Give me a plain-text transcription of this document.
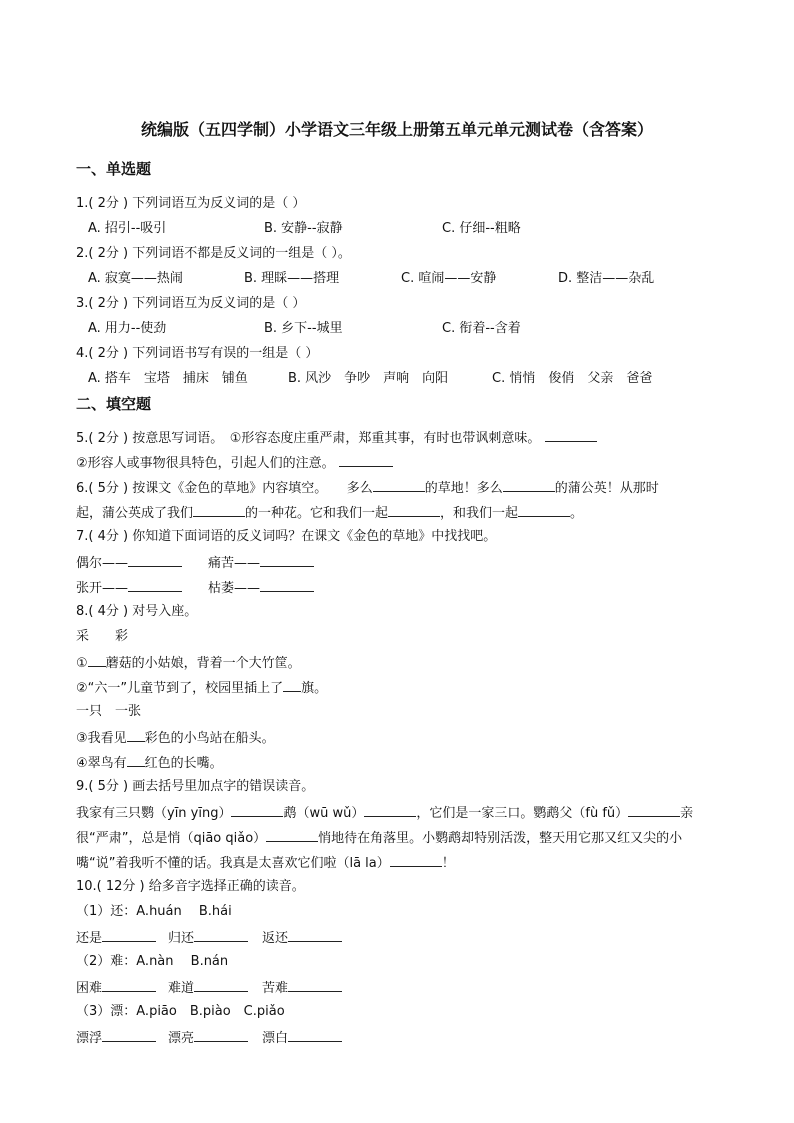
统编版（五四学制）小学语文三年级上册第五单元单元测试卷（含答案）
一、单选题
1.( 2分 ) 下列词语互为反义词的是（ ）
A. 招引--吸引	B. 安静--寂静	C. 仔细--粗略
2.( 2分 ) 下列词语不都是反义词的一组是（ ）。
A. 寂寞——热闹	B. 理睬——搭理	C. 喧闹——安静	D. 整洁——杂乱
3.( 2分 ) 下列词语互为反义词的是（ ）
A. 用力--使劲	B. 乡下--城里	C. 衔着--含着
4.( 2分 ) 下列词语书写有误的一组是（ ）
A. 搭车　宝塔　捕床　铺鱼	B. 风沙　争吵　声响　向阳	C. 悄悄　俊俏　父亲　爸爸
二、填空题
5.( 2分 ) 按意思写词语。　①形容态度庄重严肃，郑重其事，有时也带讽刺意味。
②形容人或事物很具特色，引起人们的注意。
6.( 5分 ) 按课文《金色的草地》内容填空。　　多么	的草地！多么	的蒲公英！从那时
起，蒲公英成了我们	的一种花。它和我们一起	，和我们一起	。
7.( 4分 ) 你知道下面词语的反义词吗？在课文《金色的草地》中找找吧。
偶尔——	痛苦——
张开——	枯萎——
8.( 4分 ) 对号入座。
采　　彩
① 蘑菇的小姑娘，背着一个大竹筐。
②“六一”儿童节到了，校园里插上了 旗。
一只　一张
③我看见 彩色的小鸟站在船头。
④翠鸟有 红色的长嘴。
9.( 5分 ) 画去括号里加点字的错误读音。
我家有三只鹦（yīn yīng）	鹉（wū wǔ）	，它们是一家三口。鹦鹉父（fù fǔ）	亲
很“严肃”，总是悄（qiāo qiǎo）	悄地待在角落里。小鹦鹉却特别活泼，整天用它那又红又尖的小
嘴“说”着我听不懂的话。我真是太喜欢它们啦（lā la）	！
10.( 12分 ) 给多音字选择正确的读音。
（1）还：A.huán　 B.hái
还是	归还	返还
（2）难：A.nàn　 B.nán
困难	难道	苦难
（3）漂：A.piāo　B.piào　C.piǎo
漂浮	漂亮	漂白
